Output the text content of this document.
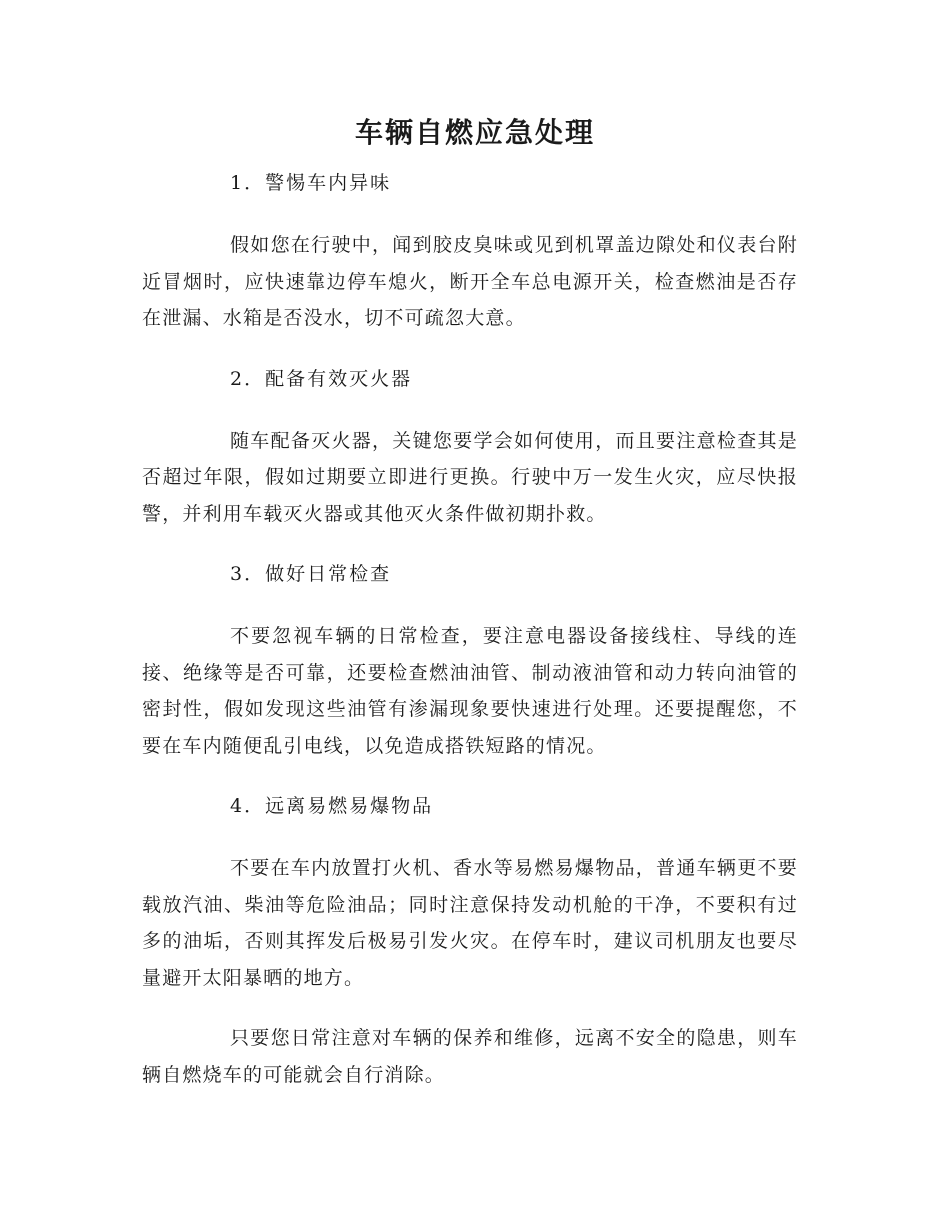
车辆自燃应急处理

1．警惕车内异味

假如您在行驶中，闻到胶皮臭味或见到机罩盖边隙处和仪表台附近冒烟时，应快速靠边停车熄火，断开全车总电源开关，检查燃油是否存在泄漏、水箱是否没水，切不可疏忽大意。

2．配备有效灭火器

随车配备灭火器，关键您要学会如何使用，而且要注意检查其是否超过年限，假如过期要立即进行更换。行驶中万一发生火灾，应尽快报警，并利用车载灭火器或其他灭火条件做初期扑救。

3．做好日常检查

不要忽视车辆的日常检查，要注意电器设备接线柱、导线的连接、绝缘等是否可靠，还要检查燃油油管、制动液油管和动力转向油管的密封性，假如发现这些油管有渗漏现象要快速进行处理。还要提醒您，不要在车内随便乱引电线，以免造成搭铁短路的情况。

4．远离易燃易爆物品

不要在车内放置打火机、香水等易燃易爆物品，普通车辆更不要载放汽油、柴油等危险油品；同时注意保持发动机舱的干净，不要积有过多的油垢，否则其挥发后极易引发火灾。在停车时，建议司机朋友也要尽量避开太阳暴晒的地方。

只要您日常注意对车辆的保养和维修，远离不安全的隐患，则车辆自燃烧车的可能就会自行消除。
